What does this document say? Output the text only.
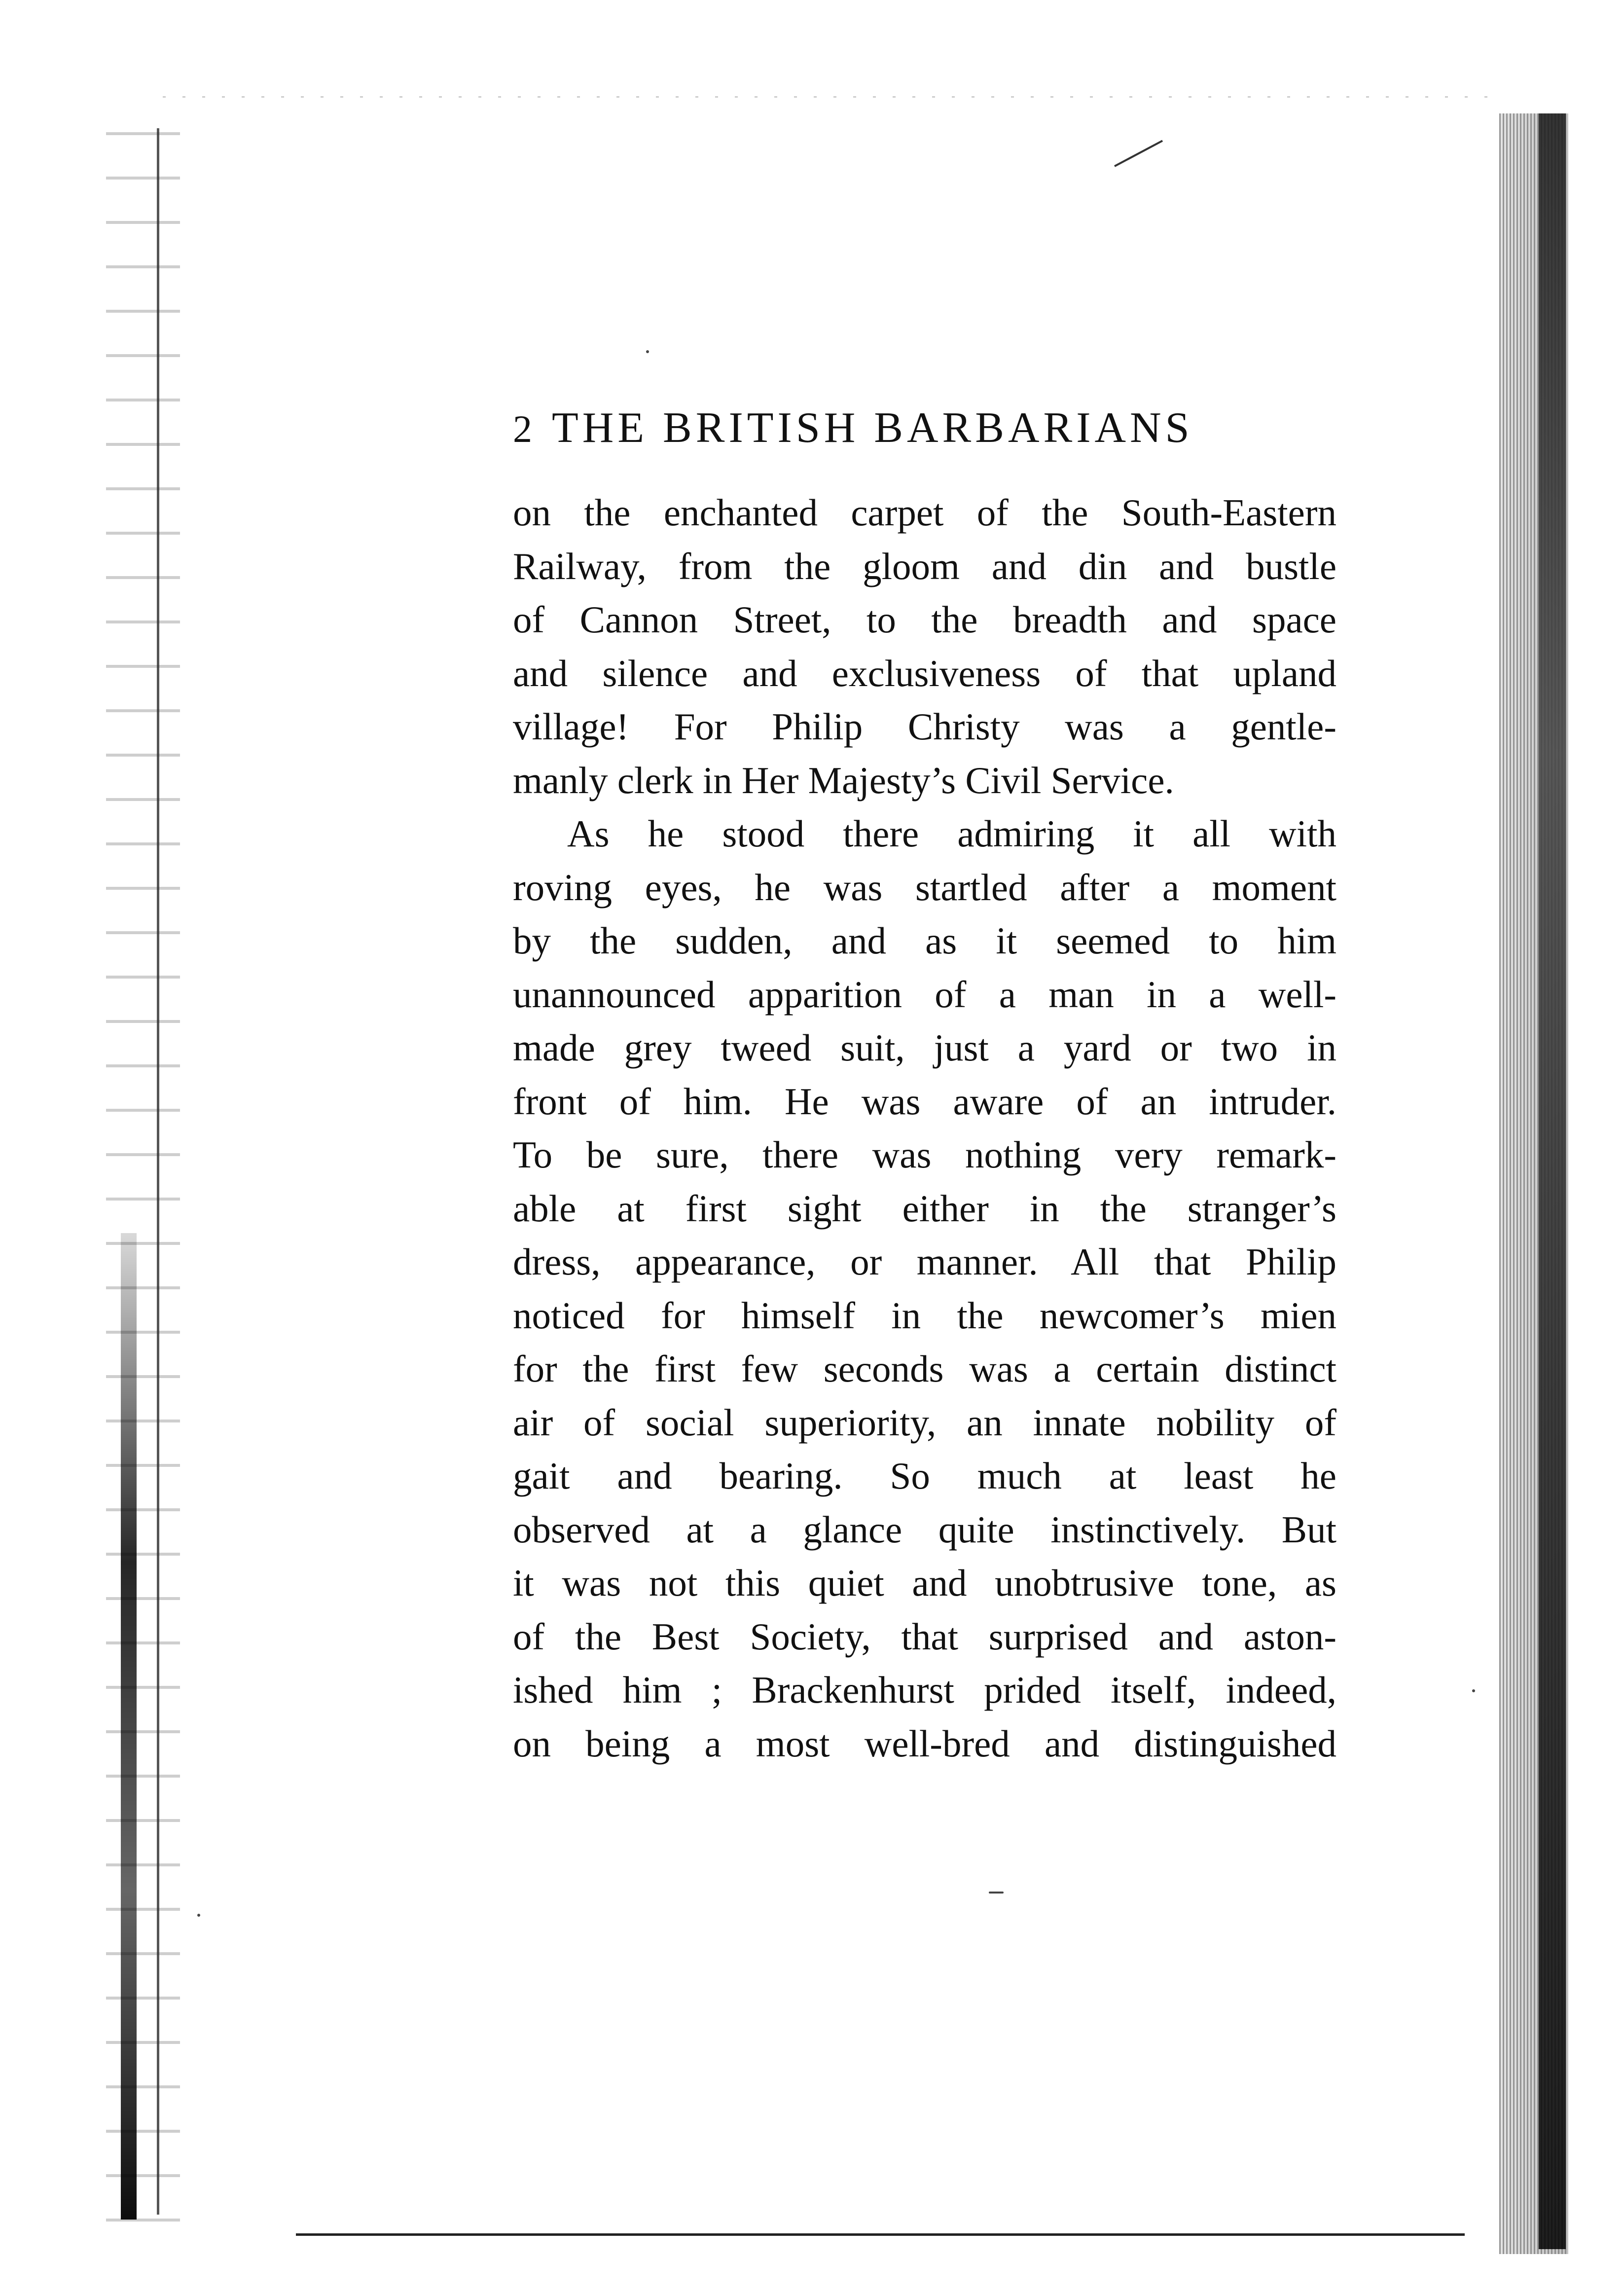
2 THE BRITISH BARBARIANS
on the enchanted carpet of the South-Eastern
Railway, from the gloom and din and bustle
of Cannon Street, to the breadth and space
and silence and exclusiveness of that upland
village! For Philip Christy was a gentle-
manly clerk in Her Majesty’s Civil Service.
As he stood there admiring it all with
roving eyes, he was startled after a moment
by the sudden, and as it seemed to him
unannounced apparition of a man in a well-
made grey tweed suit, just a yard or two in
front of him. He was aware of an intruder.
To be sure, there was nothing very remark-
able at first sight either in the stranger’s
dress, appearance, or manner. All that Philip
noticed for himself in the newcomer’s mien
for the first few seconds was a certain distinct
air of social superiority, an innate nobility of
gait and bearing. So much at least he
observed at a glance quite instinctively. But
it was not this quiet and unobtrusive tone, as
of the Best Society, that surprised and aston-
ished him ; Brackenhurst prided itself, indeed,
on being a most well-bred and distinguished
